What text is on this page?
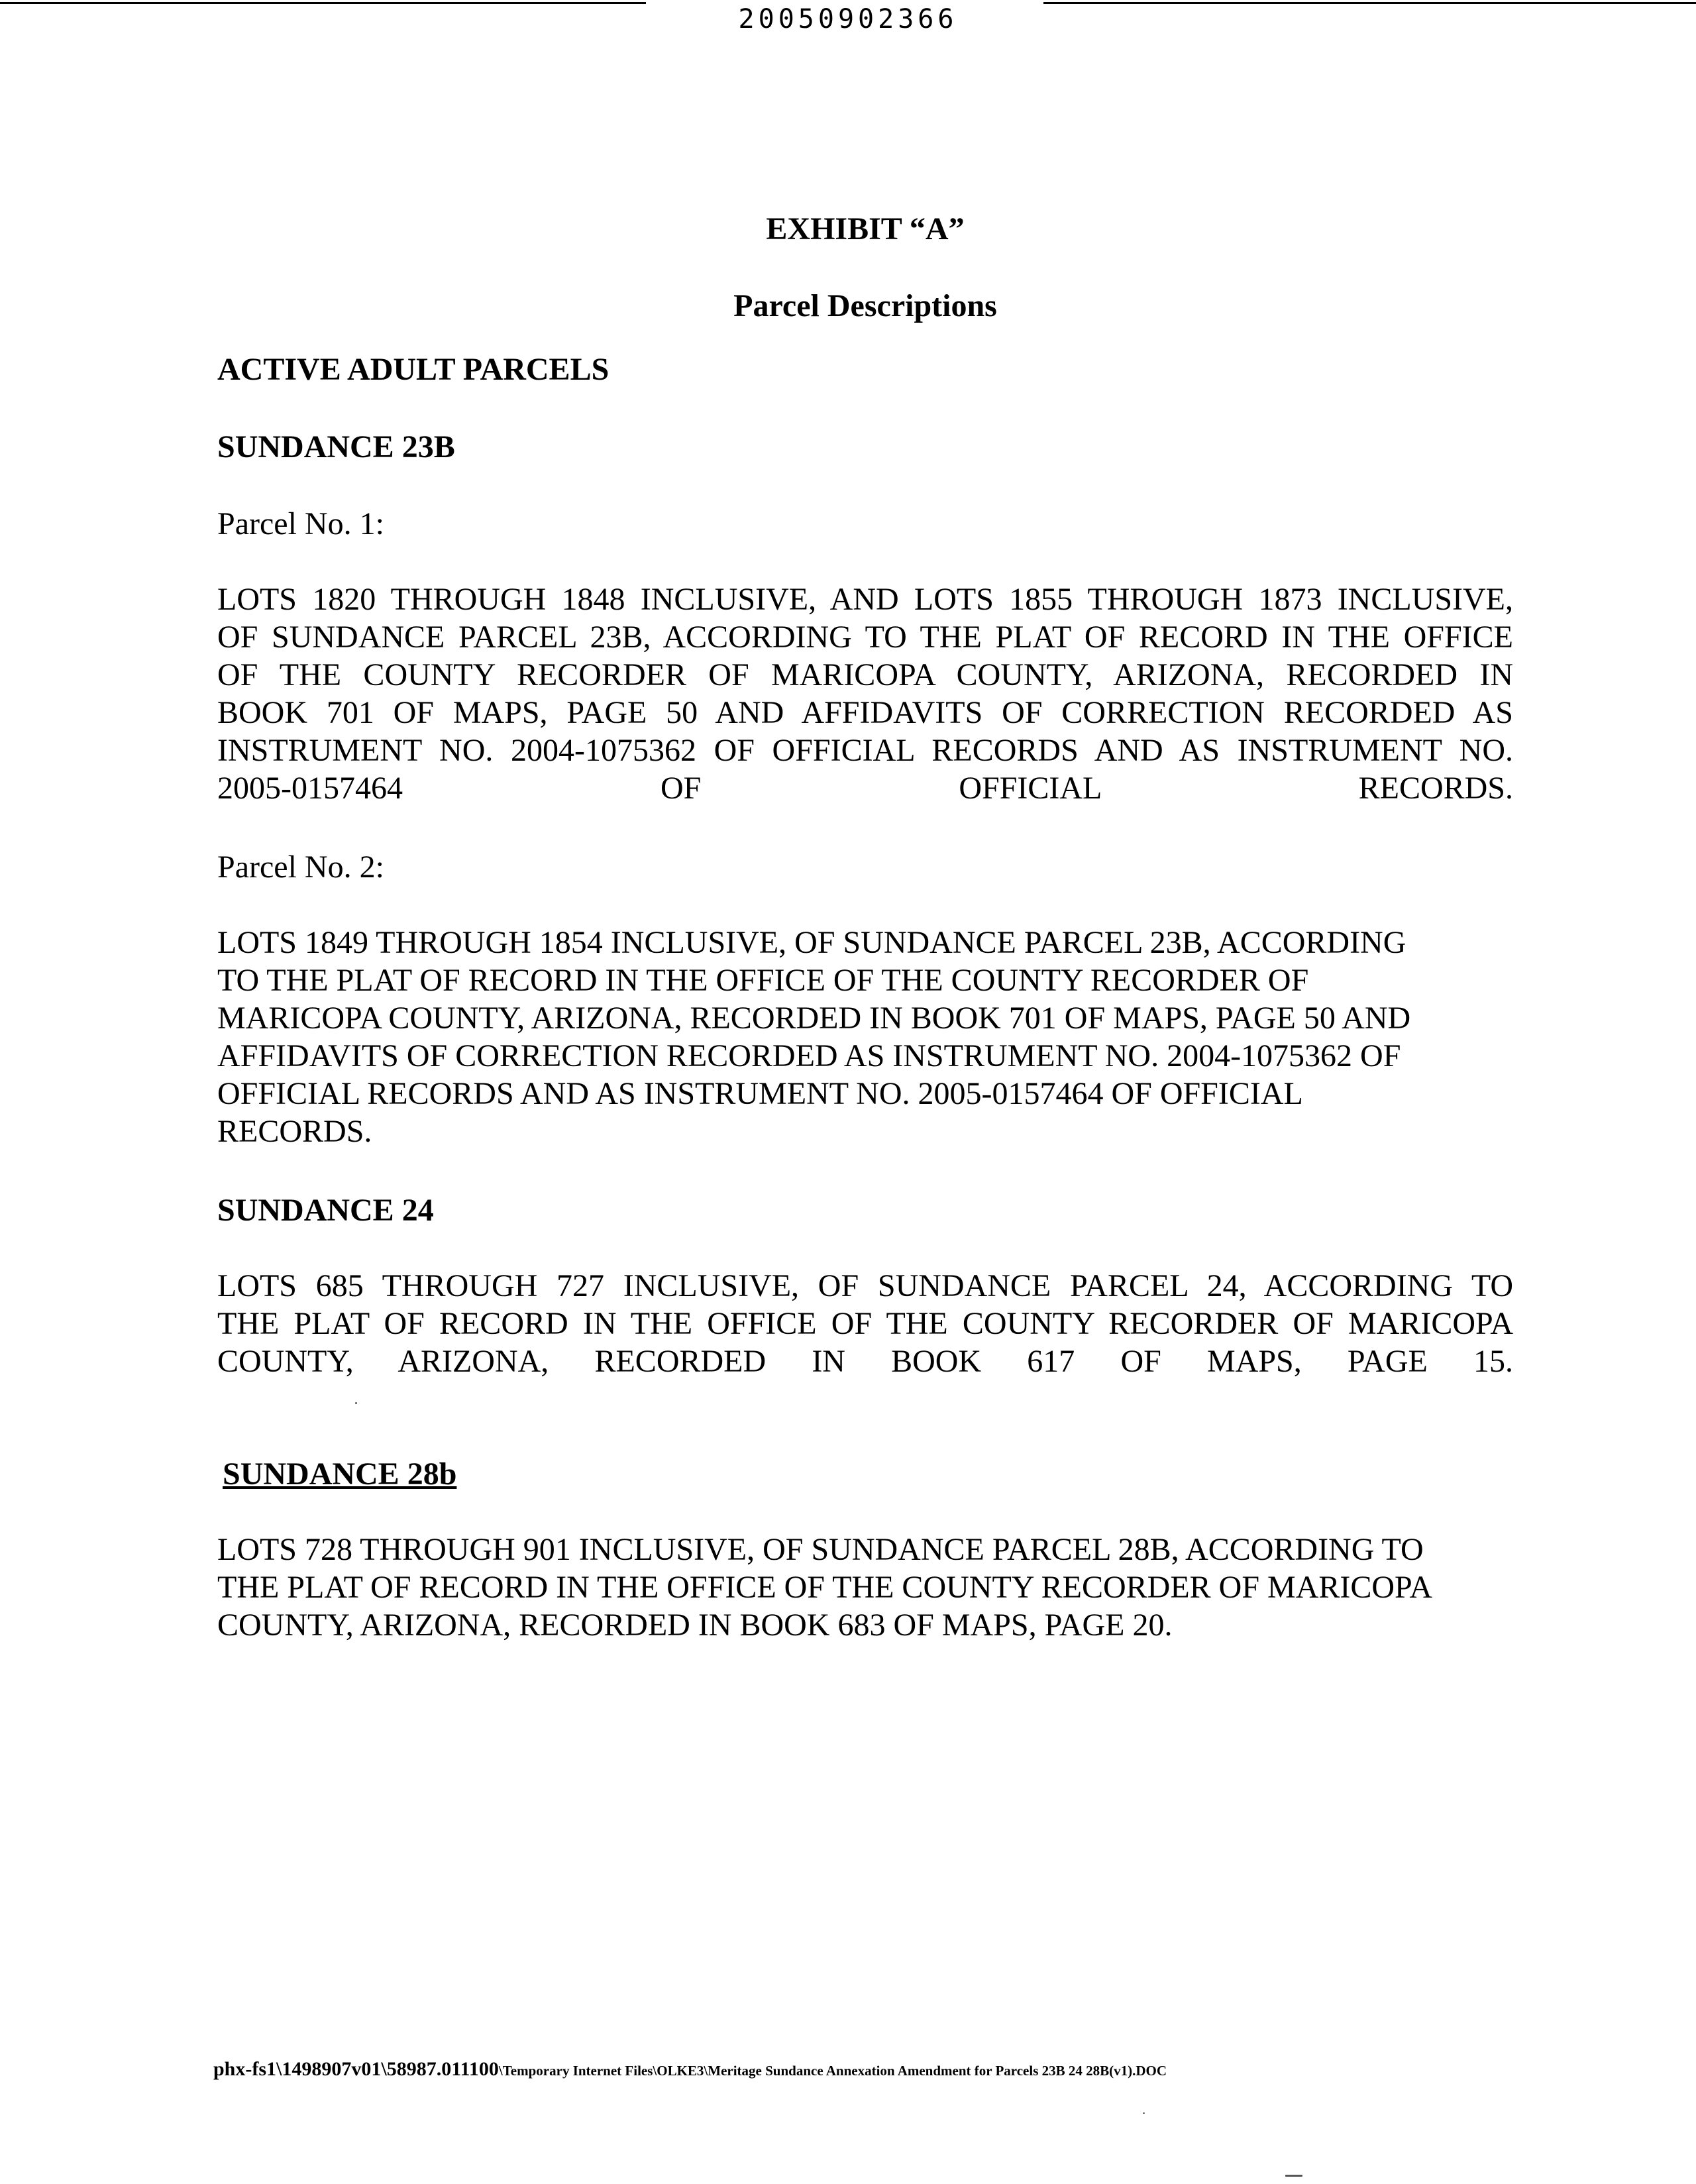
20050902366
EXHIBIT “A”
Parcel Descriptions
ACTIVE ADULT PARCELS
SUNDANCE 23B
Parcel No. 1:
LOTS 1820 THROUGH 1848 INCLUSIVE, AND LOTS 1855 THROUGH 1873 INCLUSIVE,
OF SUNDANCE PARCEL 23B, ACCORDING TO THE PLAT OF RECORD IN THE OFFICE
OF THE COUNTY RECORDER OF MARICOPA COUNTY, ARIZONA, RECORDED IN
BOOK 701 OF MAPS, PAGE 50 AND AFFIDAVITS OF CORRECTION RECORDED AS
INSTRUMENT NO. 2004-1075362 OF OFFICIAL RECORDS AND AS INSTRUMENT NO.
2005-0157464 OF OFFICIAL RECORDS.
Parcel No. 2:
LOTS 1849 THROUGH 1854 INCLUSIVE, OF SUNDANCE PARCEL 23B, ACCORDING
TO THE PLAT OF RECORD IN THE OFFICE OF THE COUNTY RECORDER OF
MARICOPA COUNTY, ARIZONA, RECORDED IN BOOK 701 OF MAPS, PAGE 50 AND
AFFIDAVITS OF CORRECTION RECORDED AS INSTRUMENT NO. 2004-1075362 OF
OFFICIAL RECORDS AND AS INSTRUMENT NO. 2005-0157464 OF OFFICIAL
RECORDS.
SUNDANCE 24
LOTS 685 THROUGH 727 INCLUSIVE, OF SUNDANCE PARCEL 24, ACCORDING TO
THE PLAT OF RECORD IN THE OFFICE OF THE COUNTY RECORDER OF MARICOPA
COUNTY, ARIZONA, RECORDED IN BOOK 617 OF MAPS, PAGE 15.
SUNDANCE 28b
LOTS 728 THROUGH 901 INCLUSIVE, OF SUNDANCE PARCEL 28B, ACCORDING TO
THE PLAT OF RECORD IN THE OFFICE OF THE COUNTY RECORDER OF MARICOPA
COUNTY, ARIZONA, RECORDED IN BOOK 683 OF MAPS, PAGE 20.
phx-fs1\1498907v01\58987.011100\Temporary Internet Files\OLKE3\Meritage Sundance Annexation Amendment for Parcels 23B 24 28B(v1).DOC
